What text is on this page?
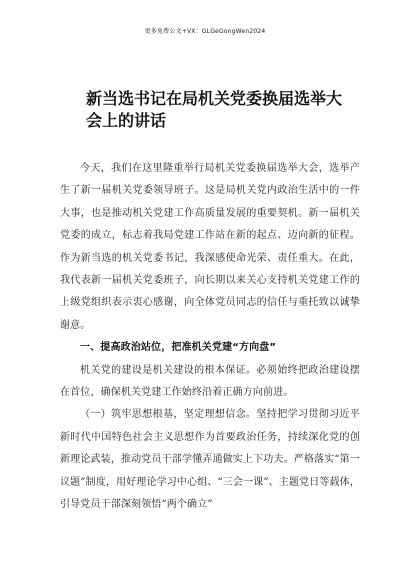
更多免费公文+VX：GLGeGongWen2024
新当选书记在局机关党委换届选举大
会上的讲话

今天，我们在这里隆重举行局机关党委换届选举大会，选举产生了新一届机关党委领导班子。这是局机关党内政治生活中的一件大事，也是推动机关党建工作高质量发展的重要契机。新一届机关党委的成立，标志着我局党建工作站在新的起点、迈向新的征程。作为新当选的机关党委书记，我深感使命光荣、责任重大。在此，我代表新一届机关党委班子，向长期以来关心支持机关党建工作的上级党组织表示衷心感谢，向全体党员同志的信任与重托致以诚挚谢意。

一、提高政治站位，把准机关党建“方向盘”

机关党的建设是机关建设的根本保证。必须始终把政治建设摆在首位，确保机关党建工作始终沿着正确方向前进。

（一）筑牢思想根基，坚定理想信念。坚持把学习贯彻习近平新时代中国特色社会主义思想作为首要政治任务，持续深化党的创新理论武装，推动党员干部学懂弄通做实上下功夫。严格落实“第一议题”制度，用好理论学习中心组、“三会一课”、主题党日等载体，引导党员干部深刻领悟“两个确立”
